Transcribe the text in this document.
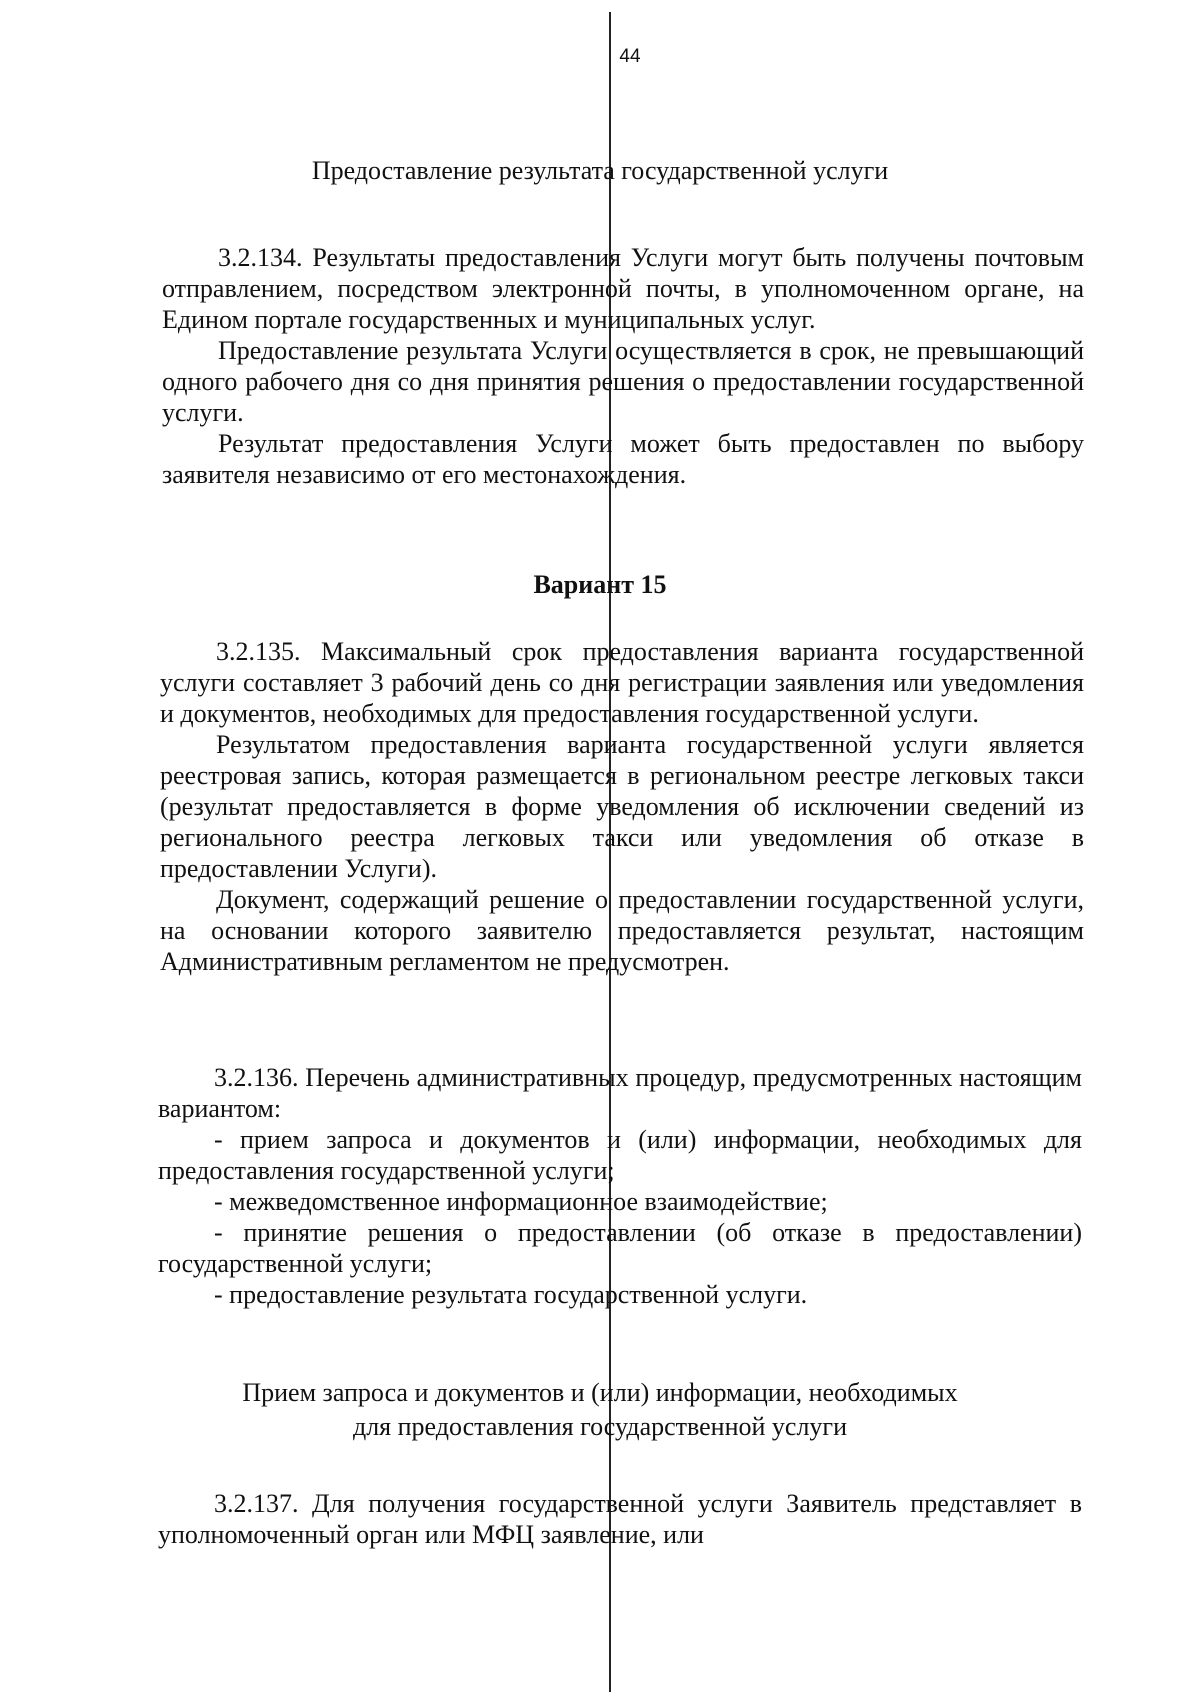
44
Предоставление результата государственной услуги

3.2.134. Результаты предоставления Услуги могут быть получены почтовым отправлением, посредством электронной почты, в уполномоченном органе, на Едином портале государственных и муниципальных услуг.

Предоставление результата Услуги осуществляется в срок, не превышающий одного рабочего дня со дня принятия решения о предоставлении государственной услуги.

Результат предоставления Услуги может быть предоставлен по выбору заявителя независимо от его местонахождения.

Вариант 15

3.2.135. Максимальный срок предоставления варианта государственной услуги составляет 3 рабочий день со дня регистрации заявления или уведомления и документов, необходимых для предоставления государственной услуги.

Результатом предоставления варианта государственной услуги является реестровая запись, которая размещается в региональном реестре легковых такси (результат предоставляется в форме уведомления об исключении сведений из регионального реестра легковых такси или уведомления об отказе в предоставлении Услуги).

Документ, содержащий решение о предоставлении государственной услуги, на основании которого заявителю предоставляется результат, настоящим Административным регламентом не предусмотрен.

3.2.136. Перечень административных процедур, предусмотренных настоящим вариантом:

- прием запроса и документов и (или) информации, необходимых для предоставления государственной услуги;

- межведомственное информационное взаимодействие;

- принятие решения о предоставлении (об отказе в предоставлении) государственной услуги;

- предоставление результата государственной услуги.

Прием запроса и документов и (или) информации, необходимых
для предоставления государственной услуги

3.2.137. Для получения государственной услуги Заявитель представляет в уполномоченный орган или МФЦ заявление, или
